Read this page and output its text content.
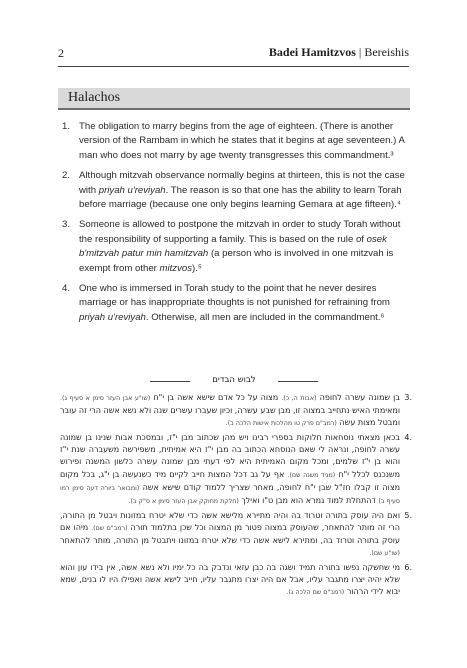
2	Badei Hamitzvos | Bereishis
Halachos
1. The obligation to marry begins from the age of eighteen. (There is another version of the Rambam in which he states that it begins at age seventeen.) A man who does not marry by age twenty transgresses this commandment.³
2. Although mitzvah observance normally begins at thirteen, this is not the case with priyah u'reviyah. The reason is so that one has the ability to learn Torah before marriage (because one only begins learning Gemara at age fifteen).⁴
3. Someone is allowed to postpone the mitzvah in order to study Torah without the responsibility of supporting a family. This is based on the rule of osek b'mitzvah patur min hamitzvah (a person who is involved in one mitzvah is exempt from other mitzvos).⁵
4. One who is immersed in Torah study to the point that he never desires marriage or has inappropriate thoughts is not punished for refraining from priyah u'reviyah. Otherwise, all men are included in the commandment.⁶
לבוש הבדים
.3
בן שמונה עשרה לחופה (אבות ה, כ). מצוה על כל אדם שישא אשה בן י"ח (שו"ע אבן העזר סימן א סעיף ג). ומאימתי האיש נתחייב במצוה זו, מבן שבע עשרה, וכיון שעברו עשרים שנה ולא נשא אשה הרי זה עובר ומבטל מצות עשה (רמב"ם פרק טו מהלכות אישות הלכה ב).
.4
בכאן מצאתי נוסחאות חלוקות בספרי רבינו ויש מהן שכתוב מבן י"ז, ובמסכת אבות שנינו בן שמונה עשרה לחופה, ונראה לי שאם הנוסחא הכתוב בה מבן י"ז היא אמיתית, משפירשה משעברה שנת י"ז והוא בן י"ז שלמים, ומכל מקום האמיתית היא לפי דעתי מבן שמונה עשרה כלשון המשנה ופירוש משנכנס לכלל י"ח (מגיד משנה שם). אף על גב דכל המצות חייב לקיים מיד כשנעשה בן י"ג, בכל מקום מצוה זו קבלו חז"ל שבן י"ח לחופה, מאחר שצריך ללמוד קודם שישא אשה (ומבואר ביורה דעה סימן רמו סעיף ב) דהתחלת למוד גמרא הוא מבן ט"ו ואילך (חלקת מחוקק אבן העזר סימן א ס"ק ב).
.5
ואם היה עוסק בתורה וטרוד בה והיה מתיירא מלישא אשה כדי שלא יטרח במזונות ויבטל מן התורה, הרי זה מותר להתאחר, שהעוסק במצוה פטור מן המצוה וכל שכן בתלמוד תורה (רמב"ם שם). מיהו אם עוסק בתורה וטרוד בה, ומתירא לישא אשה כדי שלא יטרח במזונו ויתבטל מן התורה, מותר להתאחר (שו"ע שם).
.6
מי שחשקה נפשו בתורה תמיד ושגה בה כבן עזאי ונדבק בה כל ימיו ולא נשא אשה, אין בידו עון והוא שלא יהיה יצרו מתגבר עליו, אבל אם היה יצרו מתגבר עליו, חייב לישא אשה ואפילו היו לו בנים, שמא יבוא לידי הרהור (רמב"ם שם הלכה ג).
